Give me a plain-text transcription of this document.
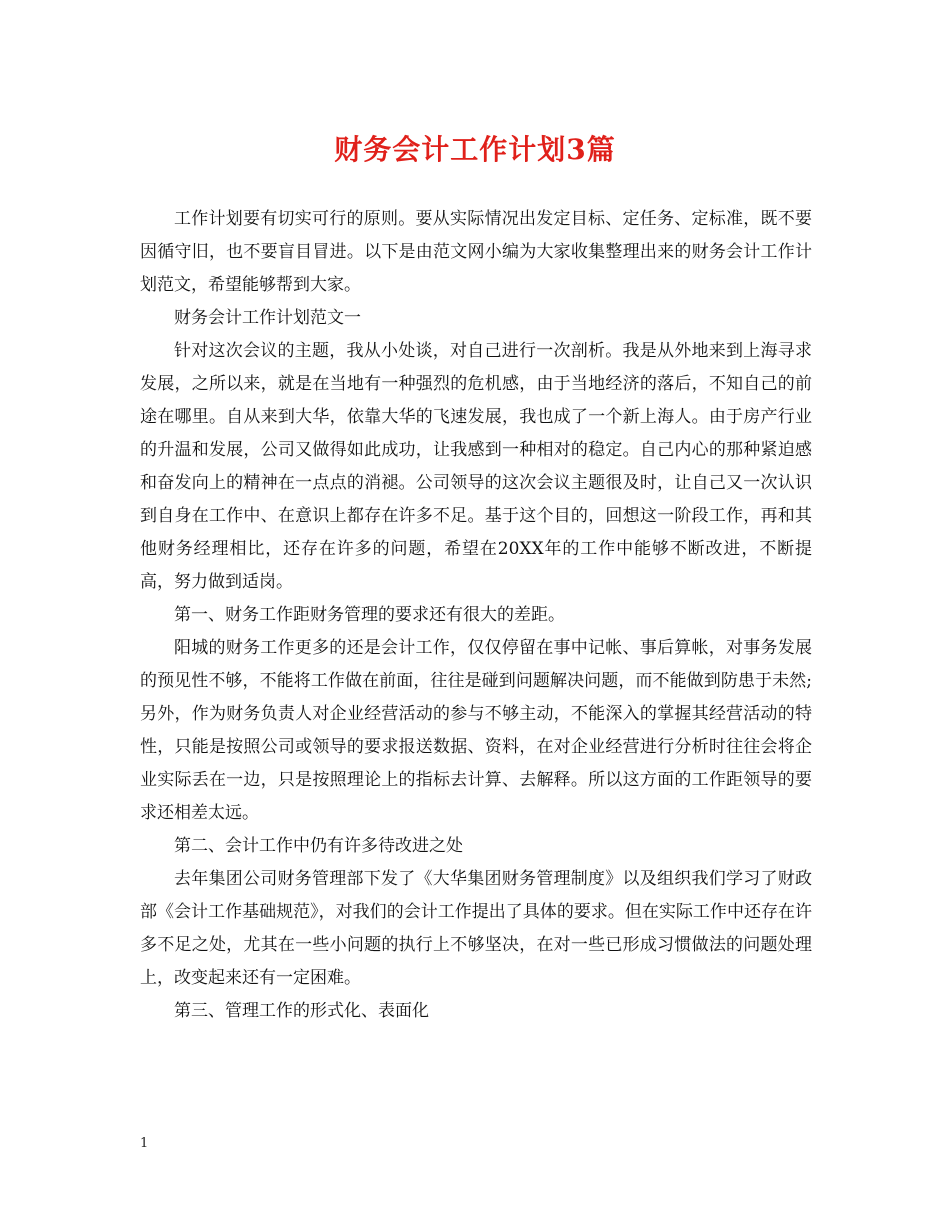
财务会计工作计划3篇

工作计划要有切实可行的原则。要从实际情况出发定目标、定任务、定标准，既不要因循守旧，也不要盲目冒进。以下是由范文网小编为大家收集整理出来的财务会计工作计划范文，希望能够帮到大家。

财务会计工作计划范文一

针对这次会议的主题，我从小处谈，对自己进行一次剖析。我是从外地来到上海寻求发展，之所以来，就是在当地有一种强烈的危机感，由于当地经济的落后，不知自己的前途在哪里。自从来到大华，依靠大华的飞速发展，我也成了一个新上海人。由于房产行业的升温和发展，公司又做得如此成功，让我感到一种相对的稳定。自己内心的那种紧迫感和奋发向上的精神在一点点的消褪。公司领导的这次会议主题很及时，让自己又一次认识到自身在工作中、在意识上都存在许多不足。基于这个目的，回想这一阶段工作，再和其他财务经理相比，还存在许多的问题，希望在20XX年的工作中能够不断改进，不断提高，努力做到适岗。

第一、财务工作距财务管理的要求还有很大的差距。

阳城的财务工作更多的还是会计工作，仅仅停留在事中记帐、事后算帐，对事务发展的预见性不够，不能将工作做在前面，往往是碰到问题解决问题，而不能做到防患于未然;另外，作为财务负责人对企业经营活动的参与不够主动，不能深入的掌握其经营活动的特性，只能是按照公司或领导的要求报送数据、资料，在对企业经营进行分析时往往会将企业实际丢在一边，只是按照理论上的指标去计算、去解释。所以这方面的工作距领导的要求还相差太远。

第二、会计工作中仍有许多待改进之处

去年集团公司财务管理部下发了《大华集团财务管理制度》以及组织我们学习了财政部《会计工作基础规范》，对我们的会计工作提出了具体的要求。但在实际工作中还存在许多不足之处，尤其在一些小问题的执行上不够坚决，在对一些已形成习惯做法的问题处理上，改变起来还有一定困难。

第三、管理工作的形式化、表面化

1
